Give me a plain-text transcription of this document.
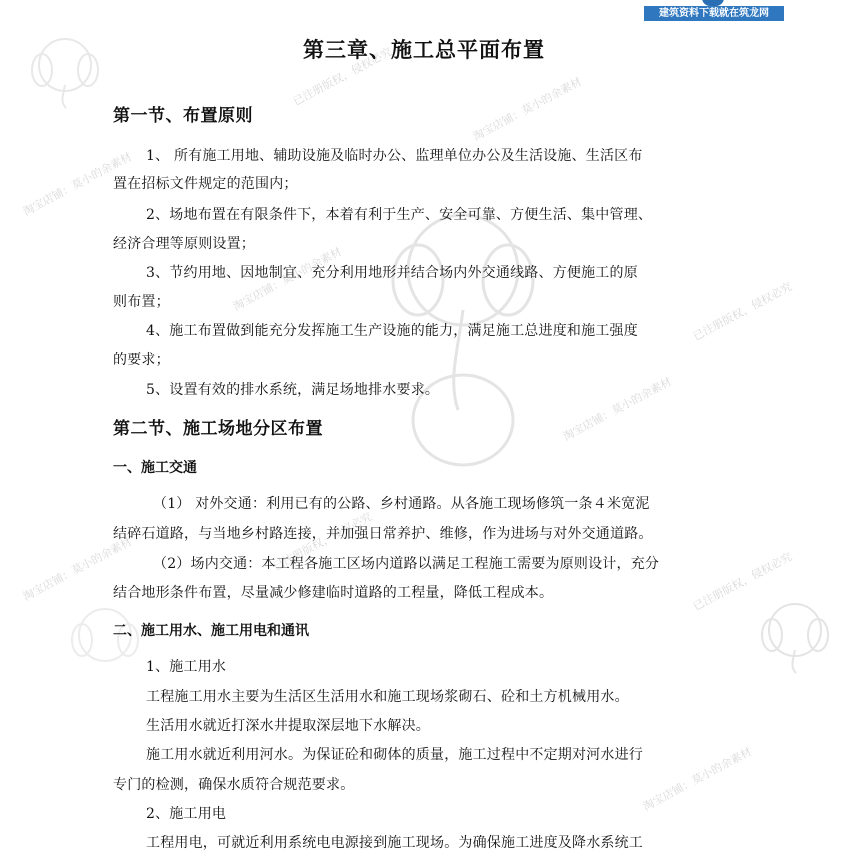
淘宝店铺：莫小的余素材
淘宝店铺：莫小的余素材
淘宝店铺：莫小的余素材
淘宝店铺：莫小的余素材
淘宝店铺：莫小的余素材
淘宝店铺：莫小的余素材
已注册版权，侵权必究
已注册版权，侵权必究
已注册版权，侵权必究
已注册版权，侵权必究
建筑资料下载就在筑龙网
第三章、施工总平面布置
第一节、布置原则
1、 所有施工用地、辅助设施及临时办公、监理单位办公及生活设施、生活区布
置在招标文件规定的范围内；
2、场地布置在有限条件下，本着有利于生产、安全可靠、方便生活、集中管理、
经济合理等原则设置；
3、节约用地、因地制宜、充分利用地形并结合场内外交通线路、方便施工的原
则布置；
4、施工布置做到能充分发挥施工生产设施的能力，满足施工总进度和施工强度
的要求；
5、设置有效的排水系统，满足场地排水要求。
第二节、施工场地分区布置
一、施工交通
（1） 对外交通：利用已有的公路、乡村通路。从各施工现场修筑一条４米宽泥
结碎石道路，与当地乡村路连接，并加强日常养护、维修，作为进场与对外交通道路。
（2）场内交通：本工程各施工区场内道路以满足工程施工需要为原则设计，充分
结合地形条件布置，尽量减少修建临时道路的工程量，降低工程成本。
二、施工用水、施工用电和通讯
1、施工用水
工程施工用水主要为生活区生活用水和施工现场浆砌石、砼和土方机械用水。
生活用水就近打深水井提取深层地下水解决。
施工用水就近利用河水。为保证砼和砌体的质量，施工过程中不定期对河水进行
专门的检测，确保水质符合规范要求。
2、施工用电
工程用电，可就近利用系统电电源接到施工现场。为确保施工进度及降水系统工
